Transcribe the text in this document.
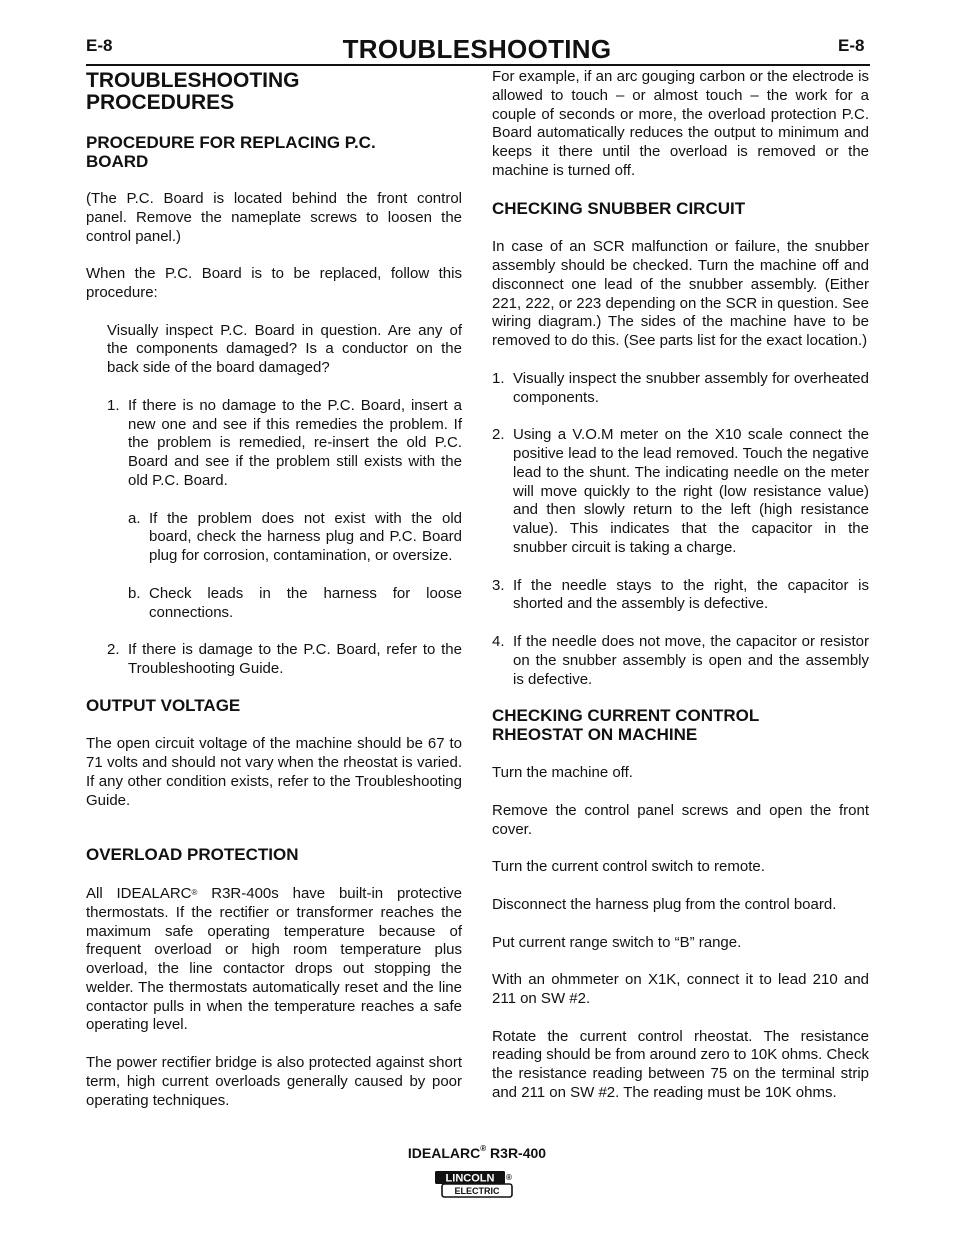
E-8	TROUBLESHOOTING	E-8
TROUBLESHOOTING
PROCEDURES
PROCEDURE FOR REPLACING P.C.
BOARD

(The P.C. Board is located behind the front control panel. Remove the nameplate screws to loosen the control panel.)

When the P.C. Board is to be replaced, follow this procedure:

Visually inspect P.C. Board in question. Are any of the components damaged? Is a conductor on the back side of the board damaged?

1. If there is no damage to the P.C. Board, insert a new one and see if this remedies the problem. If the problem is remedied, re-insert the old P.C. Board and see if the problem still exists with the old P.C. Board.
a. If the problem does not exist with the old board, check the harness plug and P.C. Board plug for corrosion, contamination, or oversize.
b. Check leads in the harness for loose connections.
2. If there is damage to the P.C. Board, refer to the Troubleshooting Guide.
OUTPUT VOLTAGE

The open circuit voltage of the machine should be 67 to 71 volts and should not vary when the rheostat is varied. If any other condition exists, refer to the Troubleshooting Guide.

OVERLOAD PROTECTION

All IDEALARC® R3R-400s have built-in protective thermostats. If the rectifier or transformer reaches the maximum safe operating temperature because of frequent overload or high room temperature plus overload, the line contactor drops out stopping the welder. The thermostats automatically reset and the line contactor pulls in when the temperature reaches a safe operating level.

The power rectifier bridge is also protected against short term, high current overloads generally caused by poor operating techniques.

For example, if an arc gouging carbon or the electrode is allowed to touch – or almost touch – the work for a couple of seconds or more, the overload protection P.C. Board automatically reduces the output to minimum and keeps it there until the overload is removed or the machine is turned off.

CHECKING SNUBBER CIRCUIT

In case of an SCR malfunction or failure, the snubber assembly should be checked. Turn the machine off and disconnect one lead of the snubber assembly. (Either 221, 222, or 223 depending on the SCR in question. See wiring diagram.) The sides of the machine have to be removed to do this. (See parts list for the exact location.)

1. Visually inspect the snubber assembly for overheated components.
2. Using a V.O.M meter on the X10 scale connect the positive lead to the lead removed. Touch the negative lead to the shunt. The indicating needle on the meter will move quickly to the right (low resistance value) and then slowly return to the left (high resistance value). This indicates that the capacitor in the snubber circuit is taking a charge.
3. If the needle stays to the right, the capacitor is shorted and the assembly is defective.
4. If the needle does not move, the capacitor or resistor on the snubber assembly is open and the assembly is defective.
CHECKING CURRENT CONTROL
RHEOSTAT ON MACHINE

Turn the machine off.

Remove the control panel screws and open the front cover.

Turn the current control switch to remote.

Disconnect the harness plug from the control board.

Put current range switch to “B” range.

With an ohmmeter on X1K, connect it to lead 210 and 211 on SW #2.

Rotate the current control rheostat. The resistance reading should be from around zero to 10K ohms. Check the resistance reading between 75 on the terminal strip and 211 on SW #2. The reading must be 10K ohms.

IDEALARC® R3R-400
LINCOLN ®
ELECTRIC
